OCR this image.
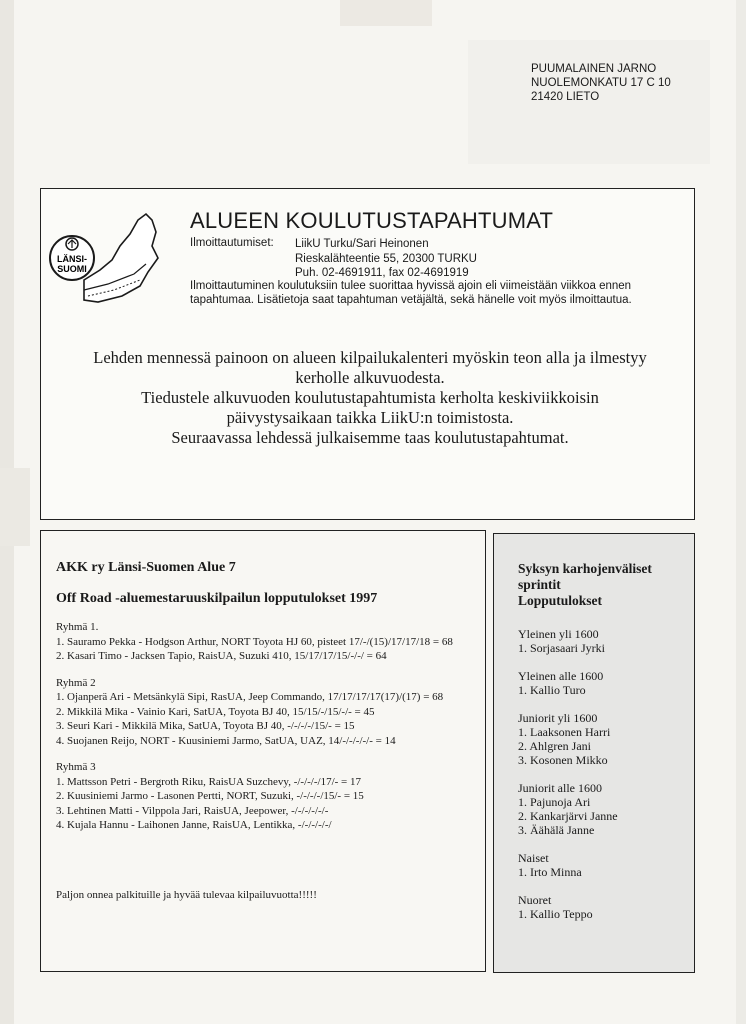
PUUMALAINEN JARNO
NUOLEMONKATU 17 C 10
21420 LIETO
LÄNSI-
SUOMI
ALUEEN KOULUTUSTAPAHTUMAT
Ilmoittautumiset: LiikU Turku/Sari Heinonen
Rieskalähteentie 55, 20300 TURKU
Puh. 02-4691911, fax 02-4691919
Ilmoittautuminen koulutuksiin tulee suorittaa hyvissä ajoin eli viimeistään viikkoa ennen tapahtumaa. Lisätietoja saat tapahtuman vetäjältä, sekä hänelle voit myös ilmoittautua.
Lehden mennessä painoon on alueen kilpailukalenteri myöskin teon alla ja ilmestyy
kerholle alkuvuodesta.
Tiedustele alkuvuoden koulutustapahtumista kerholta keskiviikkoisin
päivystysaikaan taikka LiikU:n toimistosta.
Seuraavassa lehdessä julkaisemme taas koulutustapahtumat.
AKK ry Länsi-Suomen Alue 7
Off Road -aluemestaruuskilpailun lopputulokset 1997
Ryhmä 1.
1. Sauramo Pekka - Hodgson Arthur, NORT Toyota HJ 60, pisteet 17/-/(15)/17/17/18 = 68
2. Kasari Timo - Jacksen Tapio, RaisUA, Suzuki 410, 15/17/17/15/-/-/ = 64
Ryhmä 2
1. Ojanperä Ari - Metsänkylä Sipi, RasUA, Jeep Commando, 17/17/17/17(17)/(17) = 68
2. Mikkilä Mika - Vainio Kari, SatUA, Toyota BJ 40, 15/15/-/15/-/- = 45
3. Seuri Kari - Mikkilä Mika, SatUA, Toyota BJ 40, -/-/-/-/15/- = 15
4. Suojanen Reijo, NORT - Kuusiniemi Jarmo, SatUA, UAZ, 14/-/-/-/-/- = 14
Ryhmä 3
1. Mattsson Petri - Bergroth Riku, RaisUA Suzchevy, -/-/-/-/17/- = 17
2. Kuusiniemi Jarmo - Lasonen Pertti, NORT, Suzuki, -/-/-/-/15/- = 15
3. Lehtinen Matti - Vilppola Jari, RaisUA, Jeepower, -/-/-/-/-/-
4. Kujala Hannu - Laihonen Janne, RaisUA, Lentikka, -/-/-/-/-/
Paljon onnea palkituille ja hyvää tulevaa kilpailuvuotta!!!!!
Syksyn karhojenväliset
sprintit
Lopputulokset
Yleinen yli 1600
1. Sorjasaari Jyrki
Yleinen alle 1600
1. Kallio Turo
Juniorit yli 1600
1. Laaksonen Harri
2. Ahlgren Jani
3. Kosonen Mikko
Juniorit alle 1600
1. Pajunoja Ari
2. Kankarjärvi Janne
3. Äähälä Janne
Naiset
1. Irto Minna
Nuoret
1. Kallio Teppo
